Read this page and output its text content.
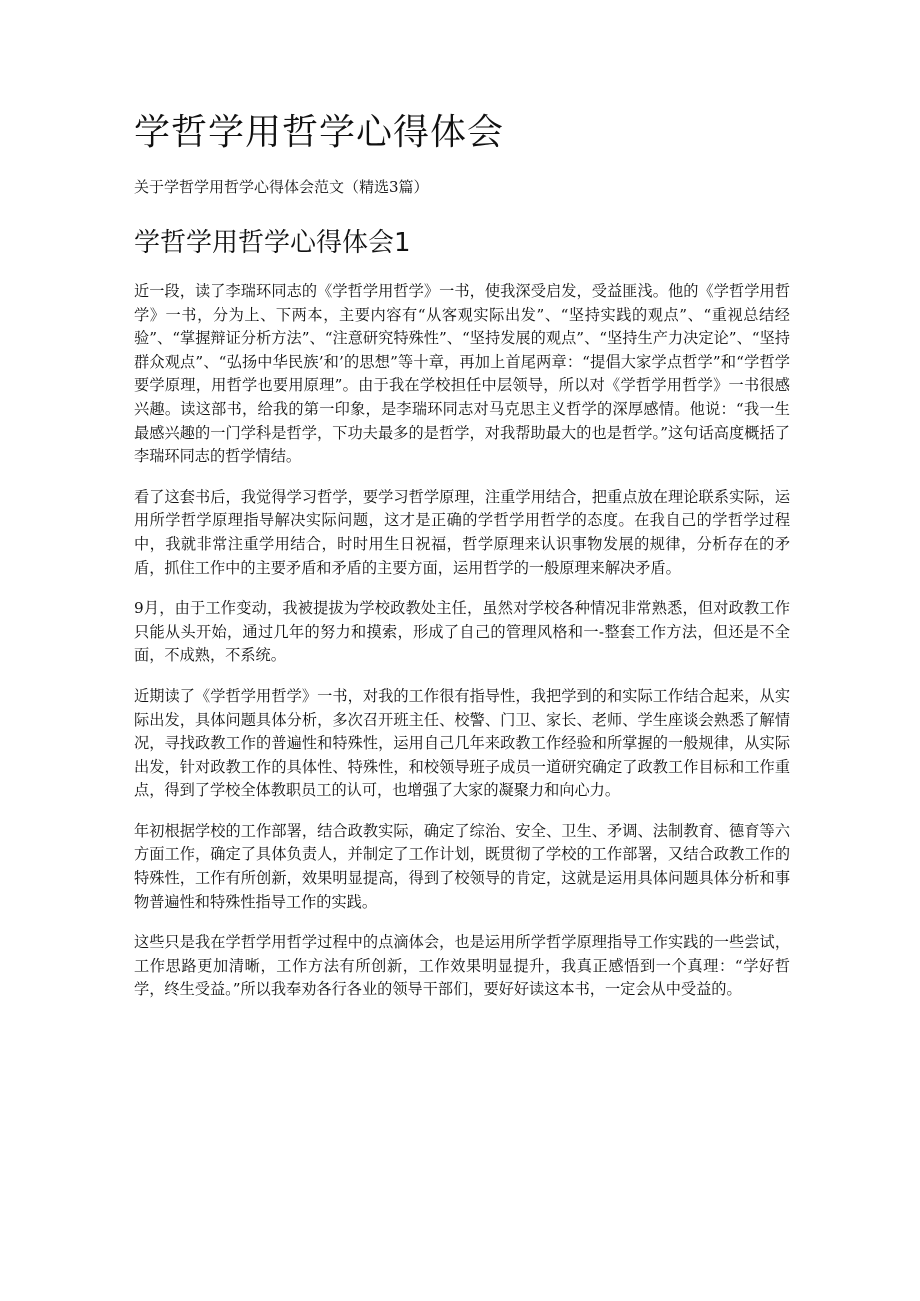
学哲学用哲学心得体会
关于学哲学用哲学心得体会范文（精选3篇）
学哲学用哲学心得体会1

近一段，读了李瑞环同志的《学哲学用哲学》一书，使我深受启发，受益匪浅。他的《学哲学用哲学》一书，分为上、下两本，主要内容有“从客观实际出发”、“坚持实践的观点”、“重视总结经验”、“掌握辩证分析方法”、“注意研究特殊性”、“坚持发展的观点”、“坚持生产力决定论”、“坚持群众观点”、“弘扬中华民族’和’的思想”等十章，再加上首尾两章：“提倡大家学点哲学”和“学哲学要学原理，用哲学也要用原理”。由于我在学校担任中层领导，所以对《学哲学用哲学》一书很感兴趣。读这部书，给我的第一印象，是李瑞环同志对马克思主义哲学的深厚感情。他说：“我一生最感兴趣的一门学科是哲学，下功夫最多的是哲学，对我帮助最大的也是哲学。”这句话高度概括了李瑞环同志的哲学情结。

看了这套书后，我觉得学习哲学，要学习哲学原理，注重学用结合，把重点放在理论联系实际，运用所学哲学原理指导解决实际问题，这才是正确的学哲学用哲学的态度。在我自己的学哲学过程中，我就非常注重学用结合，时时用生日祝福，哲学原理来认识事物发展的规律，分析存在的矛盾，抓住工作中的主要矛盾和矛盾的主要方面，运用哲学的一般原理来解决矛盾。

9月，由于工作变动，我被提拔为学校政教处主任，虽然对学校各种情况非常熟悉，但对政教工作只能从头开始，通过几年的努力和摸索，形成了自己的管理风格和一-整套工作方法，但还是不全面，不成熟，不系统。

近期读了《学哲学用哲学》一书，对我的工作很有指导性，我把学到的和实际工作结合起来，从实际出发，具体问题具体分析，多次召开班主任、校警、门卫、家长、老师、学生座谈会熟悉了解情况，寻找政教工作的普遍性和特殊性，运用自己几年来政教工作经验和所掌握的一般规律，从实际出发，针对政教工作的具体性、特殊性，和校领导班子成员一道研究确定了政教工作目标和工作重点，得到了学校全体教职员工的认可，也增强了大家的凝聚力和向心力。

年初根据学校的工作部署，结合政教实际，确定了综治、安全、卫生、矛调、法制教育、德育等六方面工作，确定了具体负责人，并制定了工作计划，既贯彻了学校的工作部署，又结合政教工作的特殊性，工作有所创新，效果明显提高，得到了校领导的肯定，这就是运用具体问题具体分析和事物普遍性和特殊性指导工作的实践。

这些只是我在学哲学用哲学过程中的点滴体会，也是运用所学哲学原理指导工作实践的一些尝试，工作思路更加清晰，工作方法有所创新，工作效果明显提升，我真正感悟到一个真理：“学好哲学，终生受益。”所以我奉劝各行各业的领导干部们，要好好读这本书，一定会从中受益的。
